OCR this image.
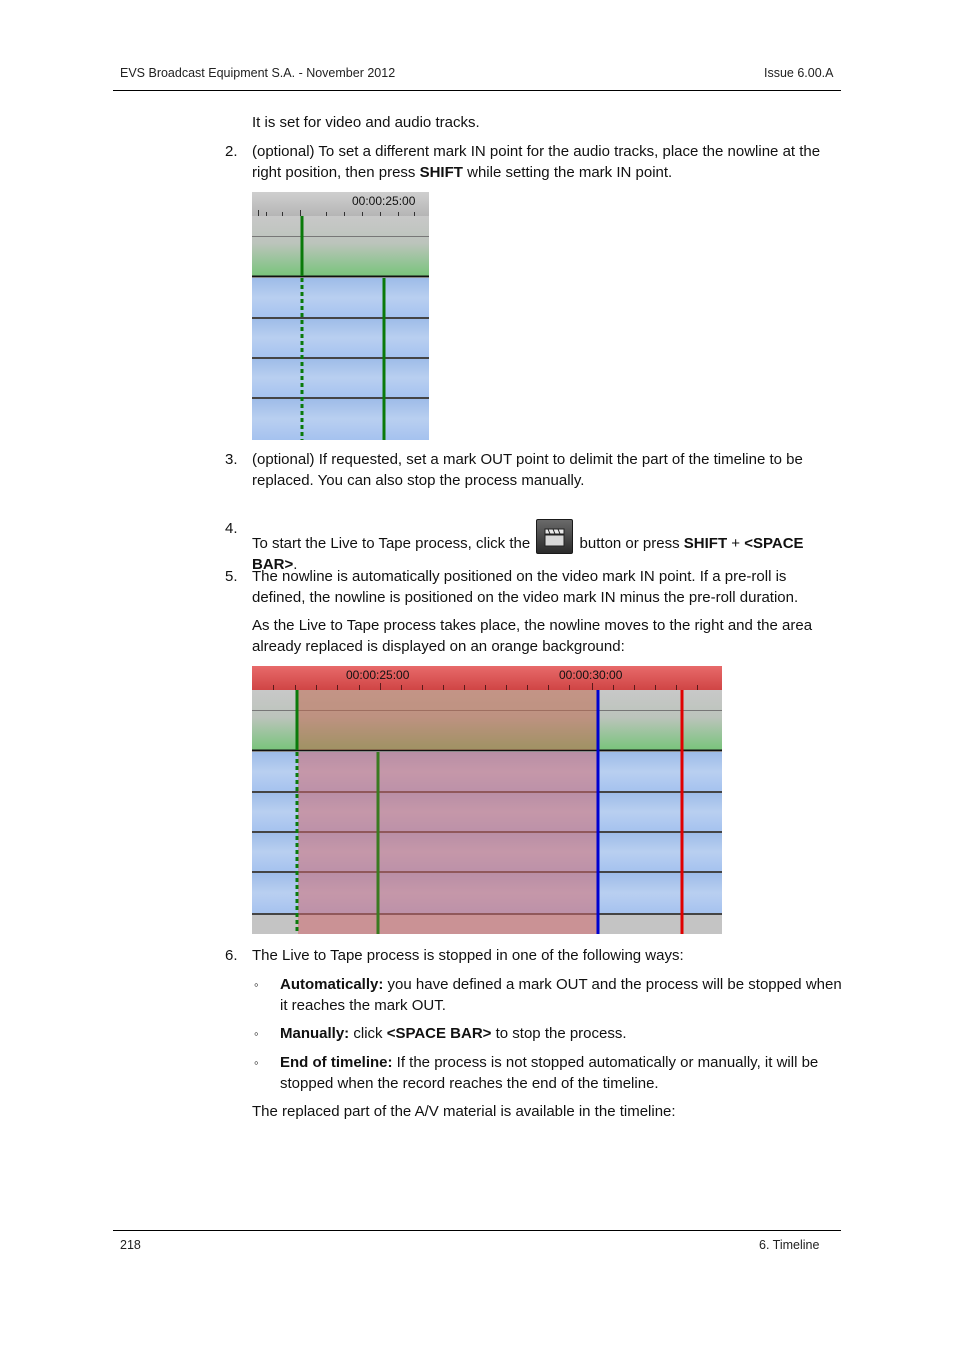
EVS Broadcast Equipment S.A. - November 2012	Issue 6.00.A
It is set for video and audio tracks.
2. (optional) To set a different mark IN point for the audio tracks, place the nowline at the right position, then press SHIFT while setting the mark IN point.
00:00:25:00
3. (optional) If requested, set a mark OUT point to delimit the part of the timeline to be replaced. You can also stop the process manually.
4.
To start the Live to Tape process, click the	button or press SHIFT + <SPACE BAR>.
5. The nowline is automatically positioned on the video mark IN point. If a pre-roll is defined, the nowline is positioned on the video mark IN minus the pre-roll duration.
As the Live to Tape process takes place, the nowline moves to the right and the area already replaced is displayed on an orange background:
00:00:25:00	00:00:30:00
6. The Live to Tape process is stopped in one of the following ways:
◦ Automatically: you have defined a mark OUT and the process will be stopped when it reaches the mark OUT.
◦ Manually: click <SPACE BAR> to stop the process.
◦ End of timeline: If the process is not stopped automatically or manually, it will be stopped when the record reaches the end of the timeline.
The replaced part of the A/V material is available in the timeline:
218	6. Timeline
